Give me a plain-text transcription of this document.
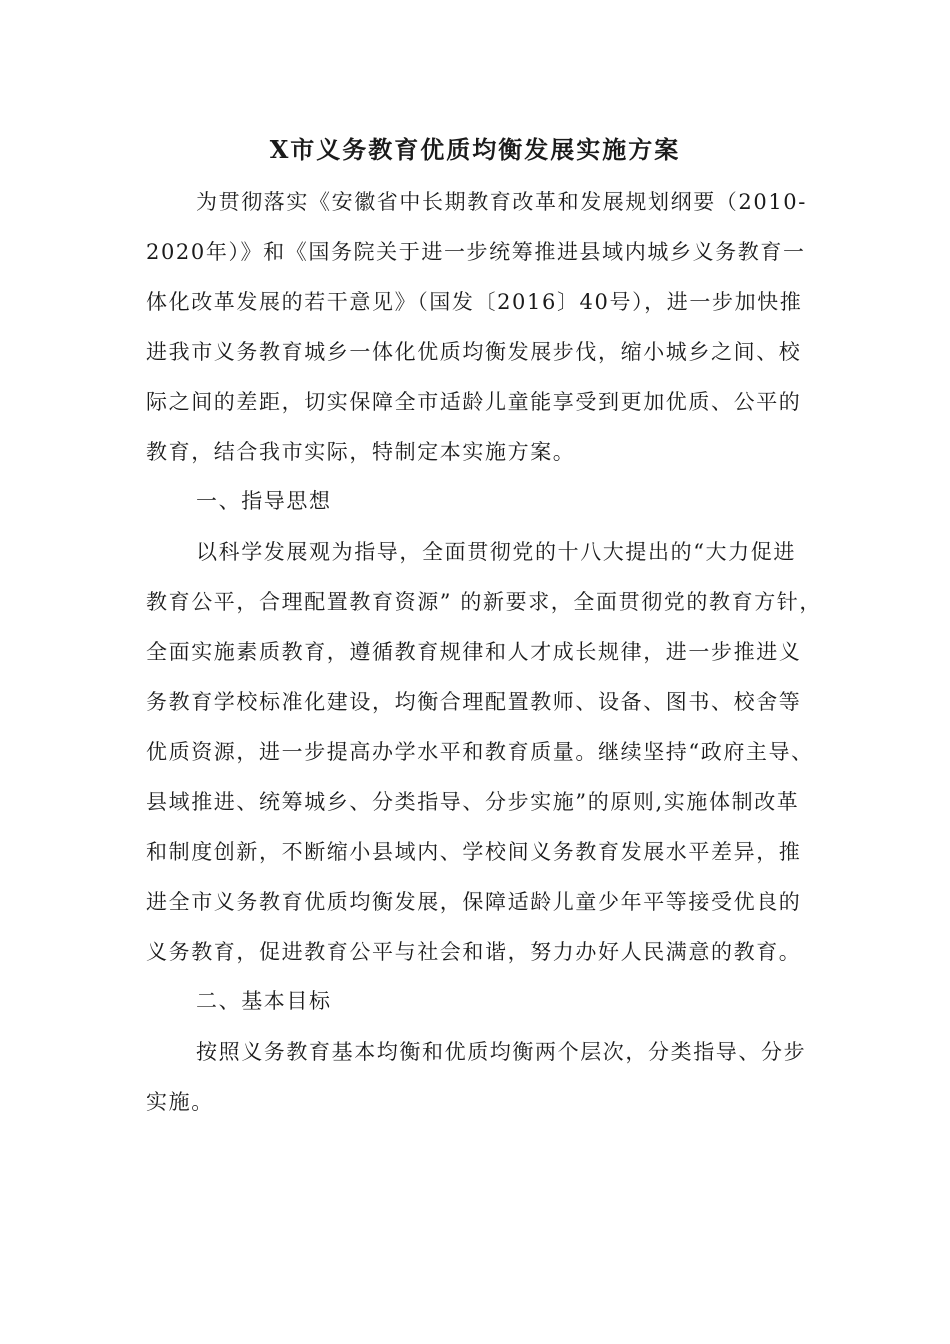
X市义务教育优质均衡发展实施方案
为贯彻落实《安徽省中长期教育改革和发展规划纲要（2010-
2020年）》和《国务院关于进一步统筹推进县域内城乡义务教育一
体化改革发展的若干意见》（国发〔2016〕40号），进一步加快推
进我市义务教育城乡一体化优质均衡发展步伐，缩小城乡之间、校
际之间的差距，切实保障全市适龄儿童能享受到更加优质、公平的
教育，结合我市实际，特制定本实施方案。
一、指导思想
以科学发展观为指导，全面贯彻党的十八大提出的“大力促进
教育公平，合理配置教育资源” 的新要求，全面贯彻党的教育方针，
全面实施素质教育，遵循教育规律和人才成长规律，进一步推进义
务教育学校标准化建设，均衡合理配置教师、设备、图书、校舍等
优质资源，进一步提高办学水平和教育质量。继续坚持“政府主导、
县域推进、统筹城乡、分类指导、分步实施”的原则,实施体制改革
和制度创新，不断缩小县域内、学校间义务教育发展水平差异，推
进全市义务教育优质均衡发展，保障适龄儿童少年平等接受优良的
义务教育，促进教育公平与社会和谐，努力办好人民满意的教育。
二、基本目标
按照义务教育基本均衡和优质均衡两个层次，分类指导、分步
实施。
